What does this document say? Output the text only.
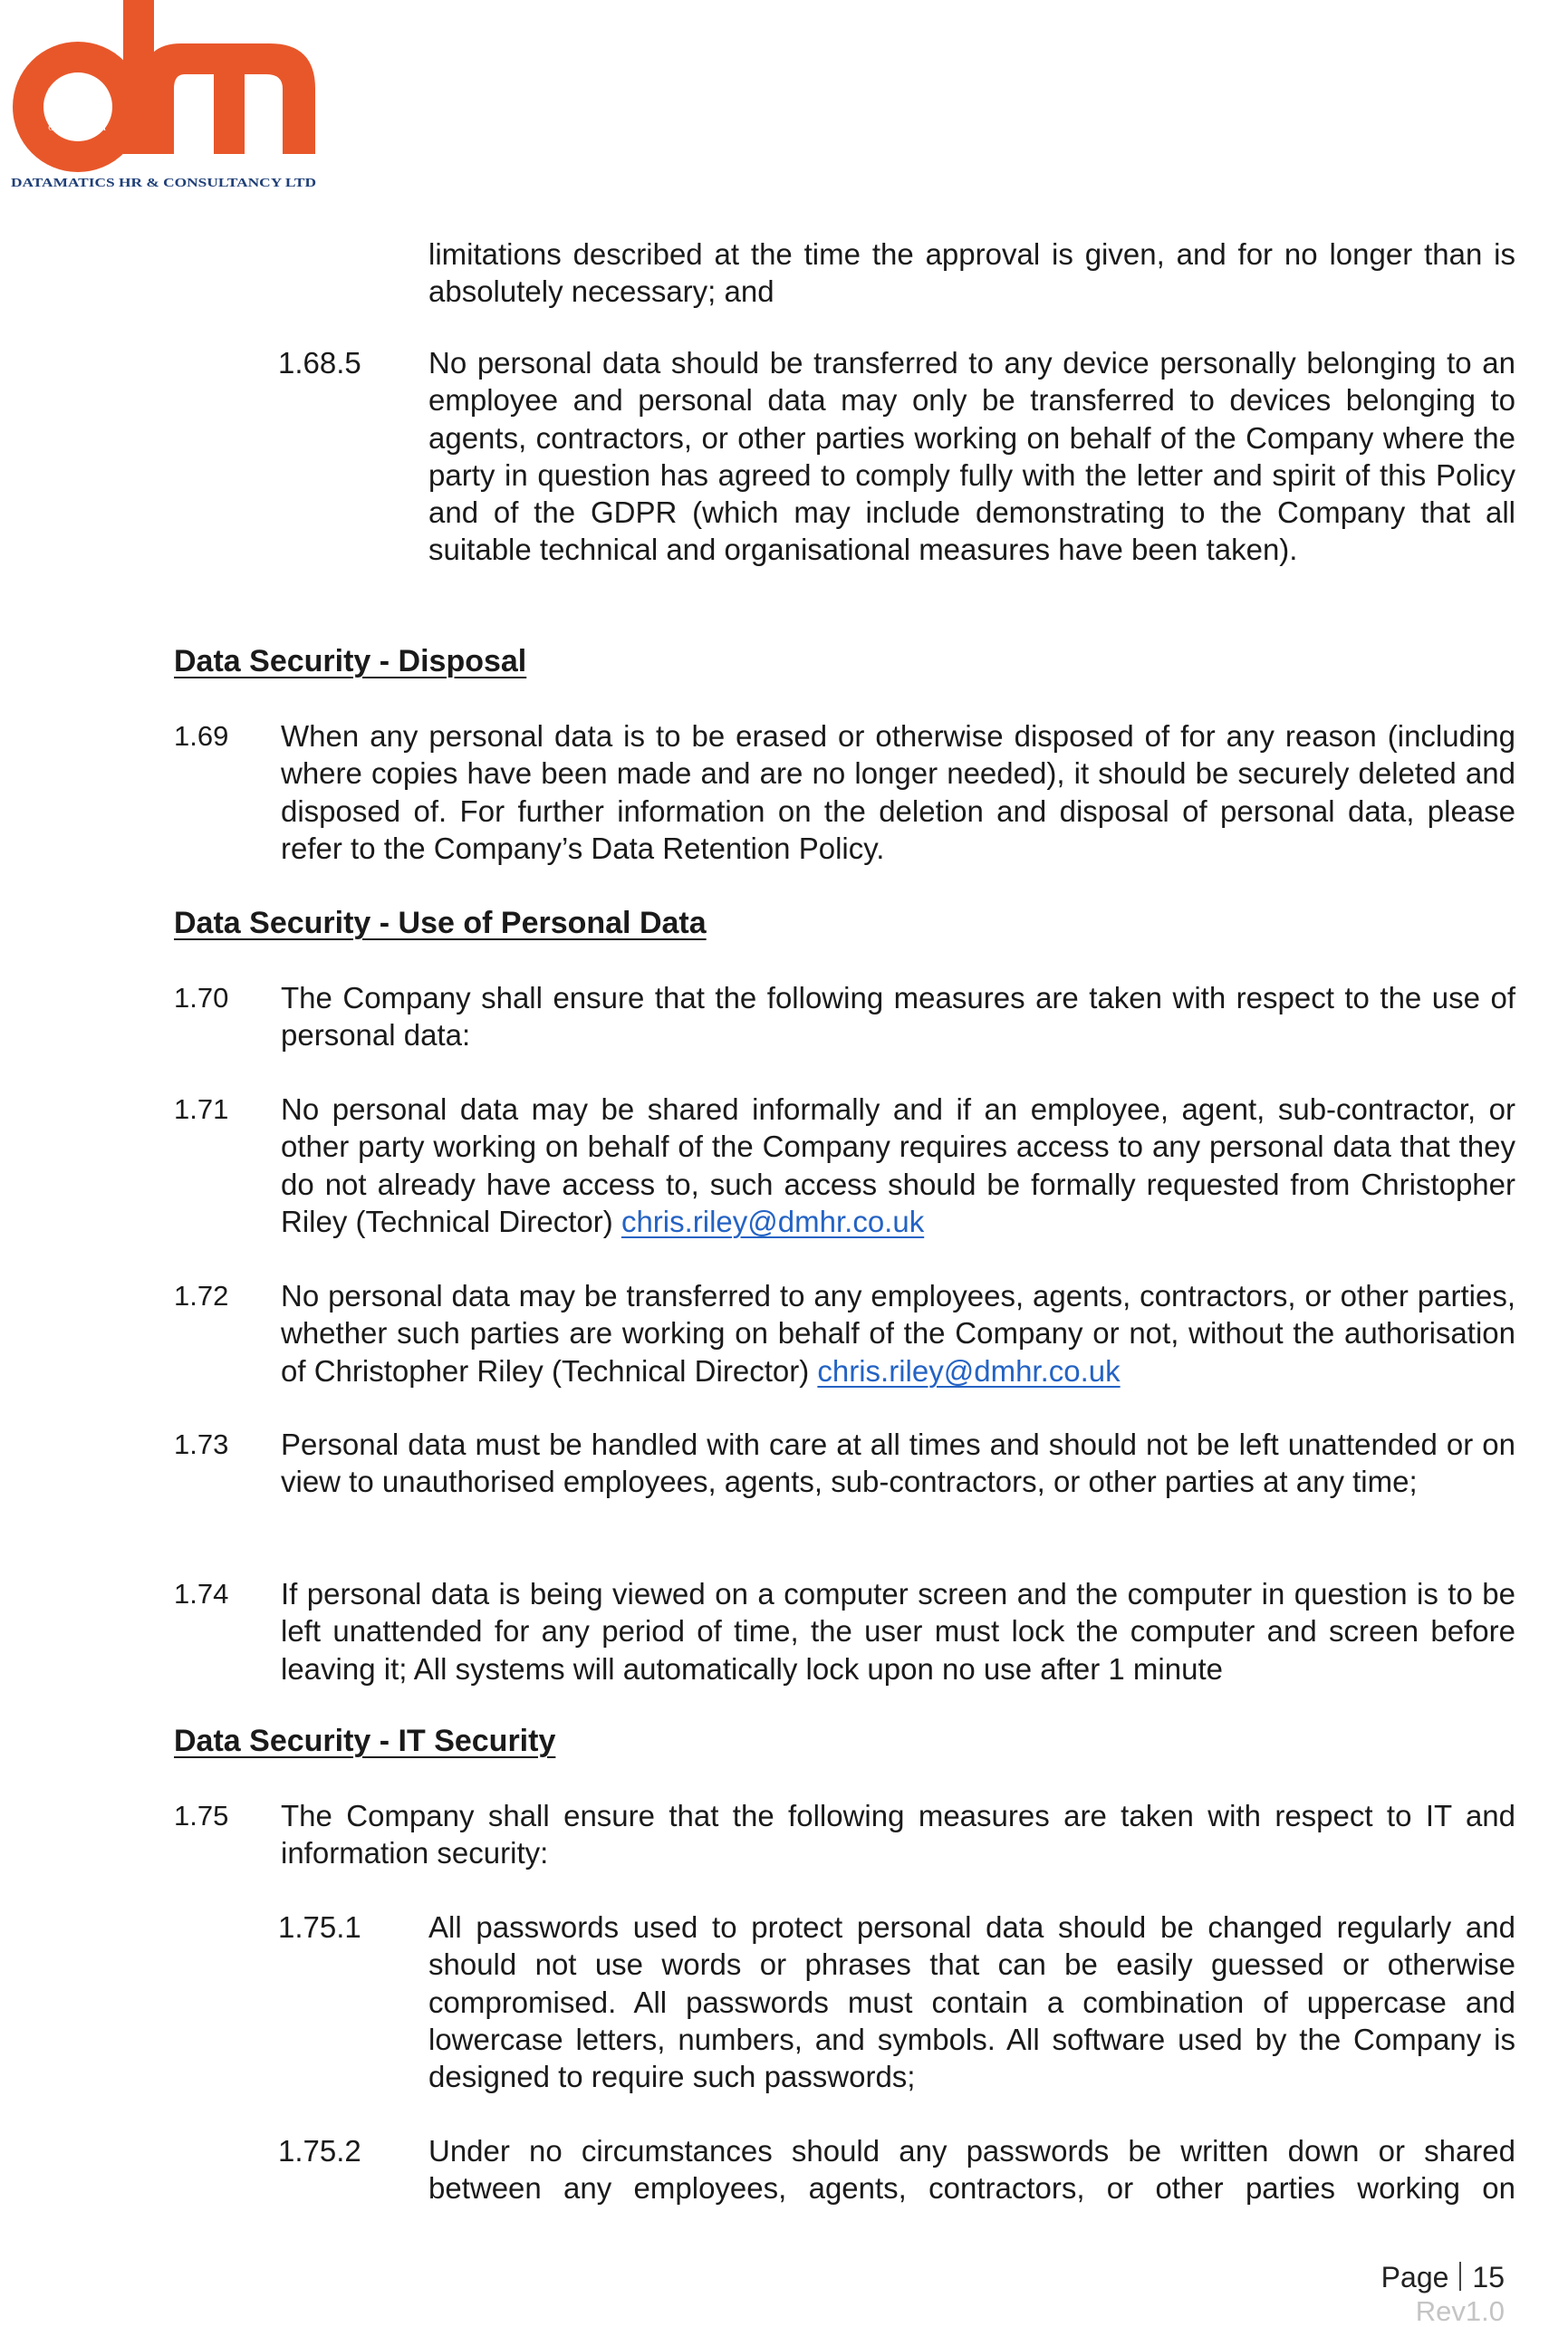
HR
CONSULTANCY
DATAMATICS HR & CONSULTANCY LTD

limitations described at the time the approval is given, and for no longer than is absolutely necessary; and

1.68.5 No personal data should be transferred to any device personally belonging to an employee and personal data may only be transferred to devices belonging to agents, contractors, or other parties working on behalf of the Company where the party in question has agreed to comply fully with the letter and spirit of this Policy and of the GDPR (which may include demonstrating to the Company that all suitable technical and organisational measures have been taken).

Data Security - Disposal
1.69 When any personal data is to be erased or otherwise disposed of for any reason (including where copies have been made and are no longer needed), it should be securely deleted and disposed of. For further information on the deletion and disposal of personal data, please refer to the Company’s Data Retention Policy.

Data Security - Use of Personal Data
1.70 The Company shall ensure that the following measures are taken with respect to the use of personal data:

1.71 No personal data may be shared informally and if an employee, agent, sub-contractor, or other party working on behalf of the Company requires access to any personal data that they do not already have access to, such access should be formally requested from Christopher Riley (Technical Director) chris.riley@dmhr.co.uk

1.72 No personal data may be transferred to any employees, agents, contractors, or other parties, whether such parties are working on behalf of the Company or not, without the authorisation of Christopher Riley (Technical Director) chris.riley@dmhr.co.uk

1.73 Personal data must be handled with care at all times and should not be left unattended or on view to unauthorised employees, agents, sub-contractors, or other parties at any time;

1.74 If personal data is being viewed on a computer screen and the computer in question is to be left unattended for any period of time, the user must lock the computer and screen before leaving it; All systems will automatically lock upon no use after 1 minute

Data Security - IT Security
1.75 The Company shall ensure that the following measures are taken with respect to IT and information security:

1.75.1 All passwords used to protect personal data should be changed regularly and should not use words or phrases that can be easily guessed or otherwise compromised. All passwords must contain a combination of uppercase and lowercase letters, numbers, and symbols. All software used by the Company is designed to require such passwords;

1.75.2 Under no circumstances should any passwords be written down or shared between any employees, agents, contractors, or other parties working on

Page 15
Rev1.0
